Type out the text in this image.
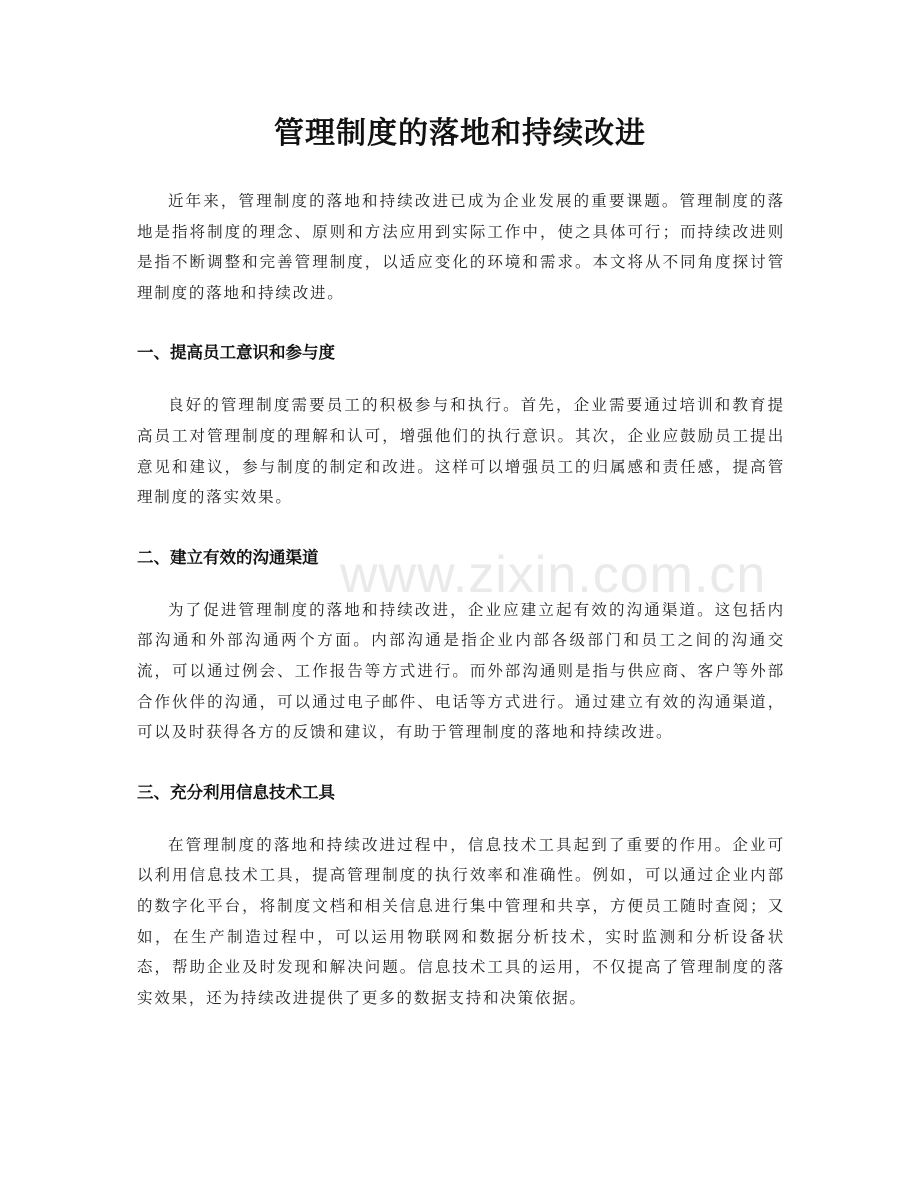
管理制度的落地和持续改进

近年来，管理制度的落地和持续改进已成为企业发展的重要课题。管理制度的落地是指将制度的理念、原则和方法应用到实际工作中，使之具体可行；而持续改进则是指不断调整和完善管理制度，以适应变化的环境和需求。本文将从不同角度探讨管理制度的落地和持续改进。

一、提高员工意识和参与度

良好的管理制度需要员工的积极参与和执行。首先，企业需要通过培训和教育提高员工对管理制度的理解和认可，增强他们的执行意识。其次，企业应鼓励员工提出意见和建议，参与制度的制定和改进。这样可以增强员工的归属感和责任感，提高管理制度的落实效果。

二、建立有效的沟通渠道

为了促进管理制度的落地和持续改进，企业应建立起有效的沟通渠道。这包括内部沟通和外部沟通两个方面。内部沟通是指企业内部各级部门和员工之间的沟通交流，可以通过例会、工作报告等方式进行。而外部沟通则是指与供应商、客户等外部合作伙伴的沟通，可以通过电子邮件、电话等方式进行。通过建立有效的沟通渠道，可以及时获得各方的反馈和建议，有助于管理制度的落地和持续改进。

三、充分利用信息技术工具

在管理制度的落地和持续改进过程中，信息技术工具起到了重要的作用。企业可以利用信息技术工具，提高管理制度的执行效率和准确性。例如，可以通过企业内部的数字化平台，将制度文档和相关信息进行集中管理和共享，方便员工随时查阅；又如，在生产制造过程中，可以运用物联网和数据分析技术，实时监测和分析设备状态，帮助企业及时发现和解决问题。信息技术工具的运用，不仅提高了管理制度的落实效果，还为持续改进提供了更多的数据支持和决策依据。

www.zixin.com.cn
